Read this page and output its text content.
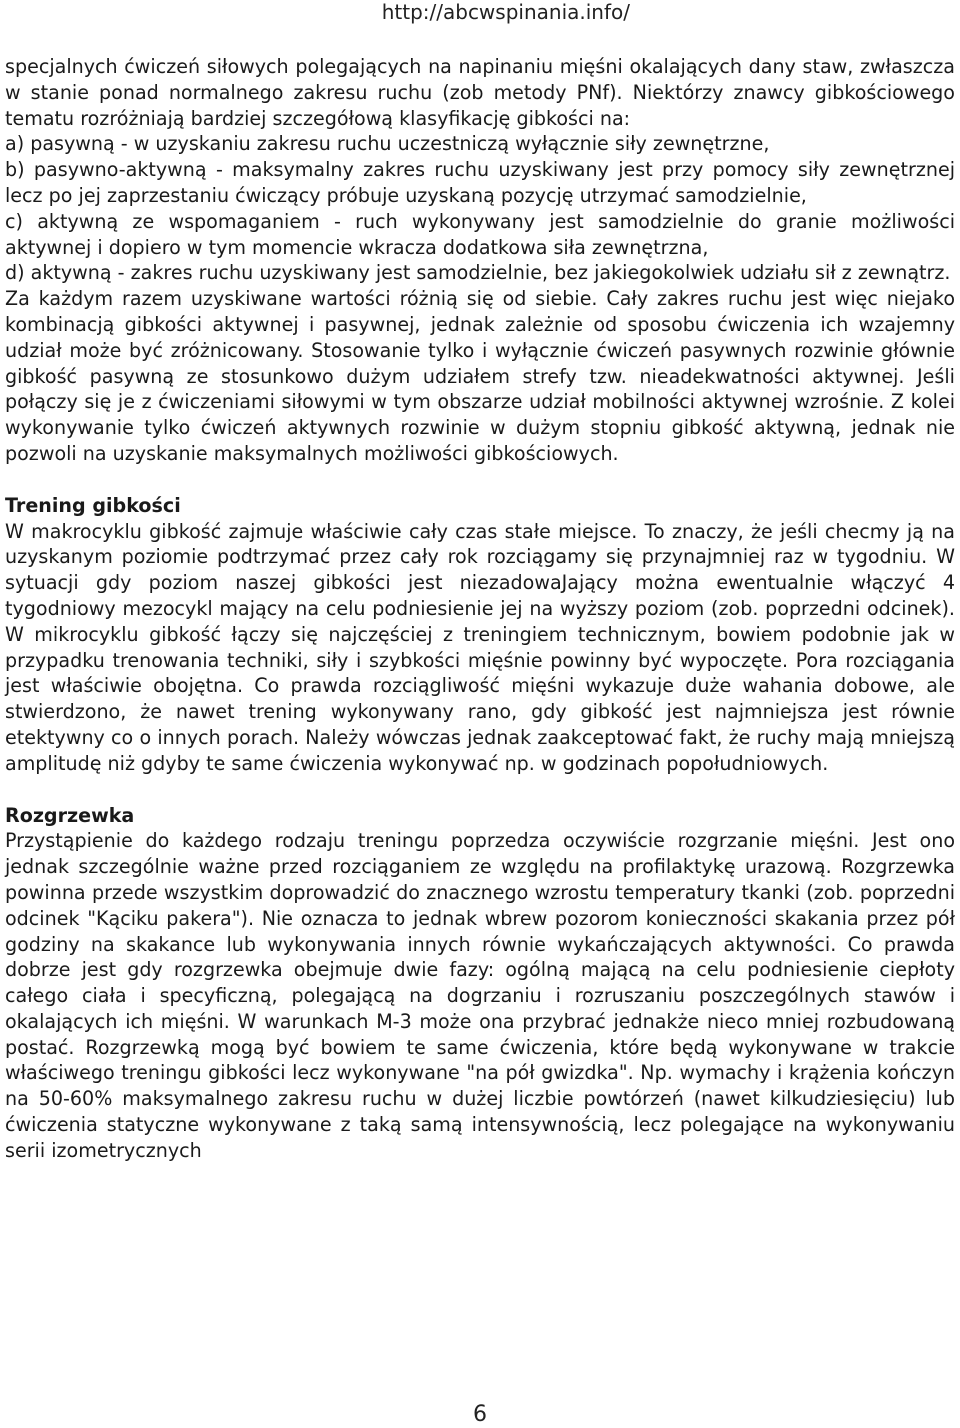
http://abcwspinania.info/

specjalnych ćwiczeń siłowych polegających na napinaniu mięśni okalających dany staw, zwłaszcza w stanie ponad normalnego zakresu ruchu (zob metody PNf). Niektórzy znawcy gibkościowego tematu rozróżniają bardziej szczegółową klasyfikację gibkości na:

a) pasywną - w uzyskaniu zakresu ruchu uczestniczą wyłącznie siły zewnętrzne,

b) pasywno-aktywną - maksymalny zakres ruchu uzyskiwany jest przy pomocy siły zewnętrznej lecz po jej zaprzestaniu ćwiczący próbuje uzyskaną pozycję utrzymać samodzielnie,

c) aktywną ze wspomaganiem - ruch wykonywany jest samodzielnie do granie możliwości aktywnej i dopiero w tym momencie wkracza dodatkowa siła zewnętrzna,

d) aktywną - zakres ruchu uzyskiwany jest samodzielnie, bez jakiegokolwiek udziału sił z zewnątrz.

Za każdym razem uzyskiwane wartości różnią się od siebie. Cały zakres ruchu jest więc niejako kombinacją gibkości aktywnej i pasywnej, jednak zależnie od sposobu ćwiczenia ich wzajemny udział może być zróżnicowany. Stosowanie tylko i wyłącznie ćwiczeń pasywnych rozwinie głównie gibkość pasywną ze stosunkowo dużym udziałem strefy tzw. nieadekwatności aktywnej. Jeśli połączy się je z ćwiczeniami siłowymi w tym obszarze udział mobilności aktywnej wzrośnie. Z kolei wykonywanie tylko ćwiczeń aktywnych rozwinie w dużym stopniu gibkość aktywną, jednak nie pozwoli na uzyskanie maksymalnych możliwości gibkościowych.

Trening gibkości

W makrocyklu gibkość zajmuje właściwie cały czas stałe miejsce. To znaczy, że jeśli checmy ją na uzyskanym poziomie podtrzymać przez cały rok rozciągamy się przynajmniej raz w tygodniu. W sytuacji gdy poziom naszej gibkości jest niezadowaJający można ewentualnie włączyć 4 tygodniowy mezocykl mający na celu podniesienie jej na wyższy poziom (zob. poprzedni odcinek). W mikrocyklu gibkość łączy się najczęściej z treningiem technicznym, bowiem podobnie jak w przypadku trenowania techniki, siły i szybkości mięśnie powinny być wypoczęte. Pora rozciągania jest właściwie obojętna. Co prawda rozciągliwość mięśni wykazuje duże wahania dobowe, ale stwierdzono, że nawet trening wykonywany rano, gdy gibkość jest najmniejsza jest równie etektywny co o innych porach. Należy wówczas jednak zaakceptować fakt, że ruchy mają mniejszą amplitudę niż gdyby te same ćwiczenia wykonywać np. w godzinach popołudniowych.

Rozgrzewka

Przystąpienie do każdego rodzaju treningu poprzedza oczywiście rozgrzanie mięśni. Jest ono jednak szczególnie ważne przed rozciąganiem ze względu na profilaktykę urazową. Rozgrzewka powinna przede wszystkim doprowadzić do znacznego wzrostu temperatury tkanki (zob. poprzedni odcinek "Kąciku pakera"). Nie oznacza to jednak wbrew pozorom konieczności skakania przez pół godziny na skakance lub wykonywania innych równie wykańczających aktywności. Co prawda dobrze jest gdy rozgrzewka obejmuje dwie fazy: ogólną mającą na celu podniesienie ciepłoty całego ciała i specyficzną, polegającą na dogrzaniu i rozruszaniu poszczególnych stawów i okalających ich mięśni. W warunkach M-3 może ona przybrać jednakże nieco mniej rozbudowaną postać. Rozgrzewką mogą być bowiem te same ćwiczenia, które będą wykonywane w trakcie właściwego treningu gibkości lecz wykonywane "na pół gwizdka". Np. wymachy i krążenia kończyn na 50-60% maksymalnego zakresu ruchu w dużej liczbie powtórzeń (nawet kilkudziesięciu) lub ćwiczenia statyczne wykonywane z taką samą intensywnością, lecz polegające na wykonywaniu serii izometrycznych

6
